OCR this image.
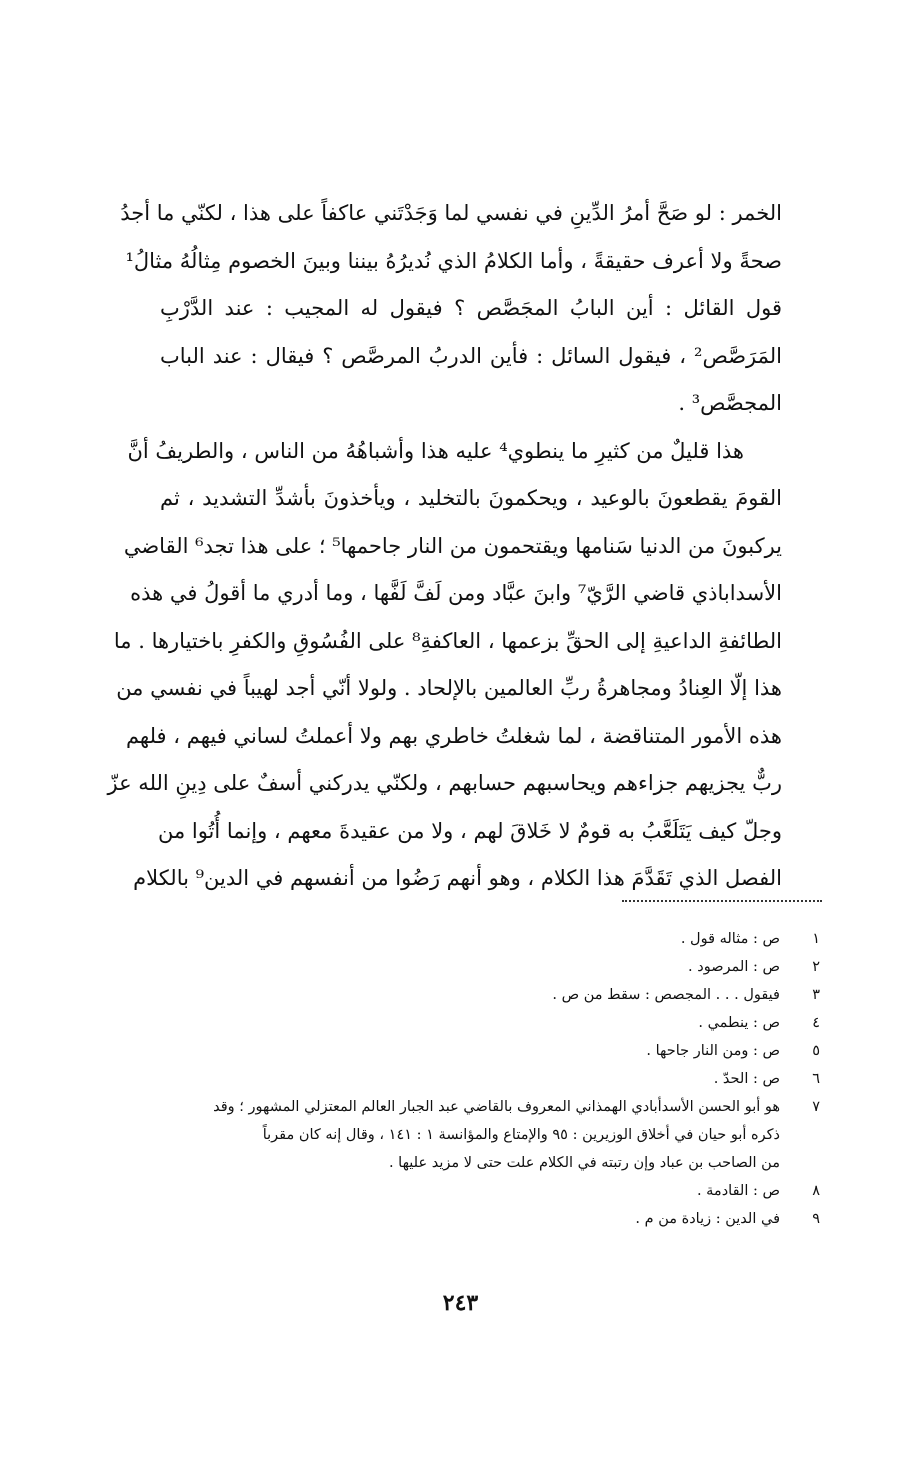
الخمر : لو صَحَّ أمرُ الدِّينِ في نفسي لما وَجَدْتَني عاكفاً على هذا ، لكنّي ما أجدُ
صحةً ولا أعرف حقيقةً ، وأما الكلامُ الذي نُديرُهُ بيننا وبينَ الخصوم مِثالُهُ مثالُ¹
قول القائل : أين البابُ المجَصَّص ؟ فيقول له المجيب : عند الدَّرْبِ
المَرَصَّص² ، فيقول السائل : فأين الدربُ المرصَّص ؟ فيقال : عند الباب
المجصَّص³ .
هذا قليلٌ من كثيرِ ما ينطوي⁴ عليه هذا وأشباهُهُ من الناس ، والطريفُ أنَّ
القومَ يقطعونَ بالوعيد ، ويحكمونَ بالتخليد ، ويأخذونَ بأشدِّ التشديد ، ثم
يركبونَ من الدنيا سَنامها ويقتحمون من النار جاحمها⁵ ؛ على هذا تجد⁶ القاضي
الأسداباذي قاضي الرَّيّ⁷ وابنَ عبَّاد ومن لَفَّ لَفَّها ، وما أدري ما أقولُ في هذه
الطائفةِ الداعيةِ إلى الحقِّ بزعمها ، العاكفةِ⁸ على الفُسُوقِ والكفرِ باختيارها . ما
هذا إلّا العِنادُ ومجاهرةُ ربِّ العالمين بالإلحاد . ولولا أنّي أجد لهيباً في نفسي من
هذه الأمور المتناقضة ، لما شغلتُ خاطري بهم ولا أعملتُ لساني فيهم ، فلهم
ربٌّ يجزيهم جزاءهم ويحاسبهم حسابهم ، ولكنّي يدركني أسفٌ على دِينِ الله عزّ
وجلّ كيف يَتَلَعَّبُ به قومٌ لا خَلاقَ لهم ، ولا من عقيدةَ معهم ، وإنما أُتُوا من
الفصل الذي تَقَدَّمَ هذا الكلام ، وهو أنهم رَضُوا من أنفسهم في الدين⁹ بالكلام
١
ص : مثاله قول .
٢
ص : المرصود .
٣
فيقول . . . المجصص : سقط من ص .
٤
ص : ينطمي .
٥
ص : ومن النار جاحها .
٦
ص : الحدّ .
٧
هو أبو الحسن الأسدأبادي الهمذاني المعروف بالقاضي عبد الجبار العالم المعتزلي المشهور ؛ وقد
ذكره أبو حيان في أخلاق الوزيرين : ٩٥ والإمتاع والمؤانسة ١ : ١٤١ ، وقال إنه كان مقرباً
من الصاحب بن عباد وإن رتبته في الكلام علت حتى لا مزيد عليها .
٨
ص : القادمة .
٩
في الدين : زيادة من م .
٢٤٣
